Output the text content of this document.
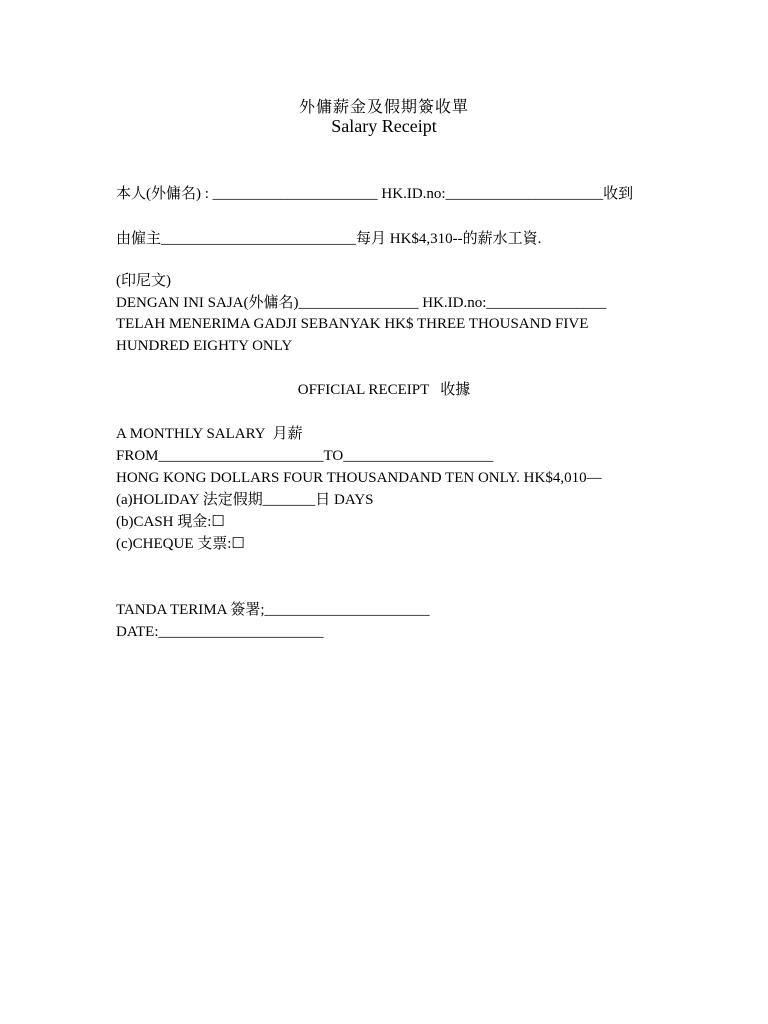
外傭薪金及假期簽收單
Salary Receipt
本人(外傭名) : ______________________ HK.ID.no:_____________________收到
由僱主__________________________每月 HK$4,310--的薪水工資.
(印尼文)
DENGAN INI SAJA(外傭名)________________ HK.ID.no:________________
TELAH MENERIMA GADJI SEBANYAK HK$ THREE THOUSAND FIVE
HUNDRED EIGHTY ONLY
OFFICIAL RECEIPT   收據
A MONTHLY SALARY  月薪
FROM______________________TO____________________
HONG KONG DOLLARS FOUR THOUSANDAND TEN ONLY. HK$4,010—
(a)HOLIDAY 法定假期_______日 DAYS
(b)CASH 現金:☐
(c)CHEQUE 支票:☐
TANDA TERIMA 簽署;______________________
DATE:______________________
